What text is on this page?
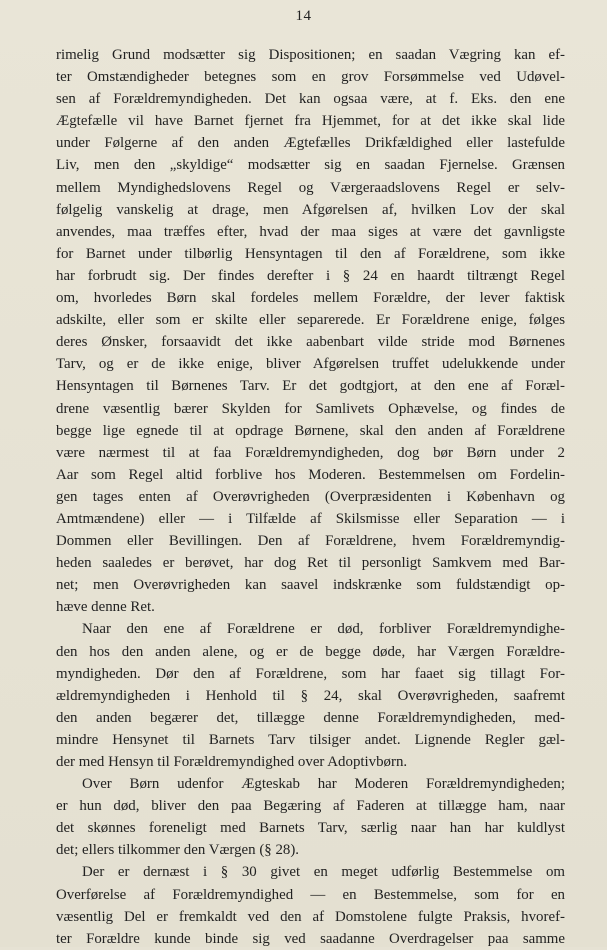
14
rimelig Grund modsætter sig Dispositionen; en saadan Vægring kan ef-
ter Omstændigheder betegnes som en grov Forsømmelse ved Udøvel-
sen af Forældremyndigheden. Det kan ogsaa være, at f. Eks. den ene
Ægtefælle vil have Barnet fjernet fra Hjemmet, for at det ikke skal lide
under Følgerne af den anden Ægtefælles Drikfældighed eller lastefulde
Liv, men den „skyldige“ modsætter sig en saadan Fjernelse. Grænsen
mellem Myndighedslovens Regel og Værgeraadslovens Regel er selv-
følgelig vanskelig at drage, men Afgørelsen af, hvilken Lov der skal
anvendes, maa træffes efter, hvad der maa siges at være det gavnligste
for Barnet under tilbørlig Hensyntagen til den af Forældrene, som ikke
har forbrudt sig. Der findes derefter i § 24 en haardt tiltrængt Regel
om, hvorledes Børn skal fordeles mellem Forældre, der lever faktisk
adskilte, eller som er skilte eller separerede. Er Forældrene enige, følges
deres Ønsker, forsaavidt det ikke aabenbart vilde stride mod Børnenes
Tarv, og er de ikke enige, bliver Afgørelsen truffet udelukkende under
Hensyntagen til Børnenes Tarv. Er det godtgjort, at den ene af Foræl-
drene væsentlig bærer Skylden for Samlivets Ophævelse, og findes de
begge lige egnede til at opdrage Børnene, skal den anden af Forældrene
være nærmest til at faa Forældremyndigheden, dog bør Børn under 2
Aar som Regel altid forblive hos Moderen. Bestemmelsen om Fordelin-
gen tages enten af Overøvrigheden (Overpræsidenten i København og
Amtmændene) eller — i Tilfælde af Skilsmisse eller Separation — i
Dommen eller Bevillingen. Den af Forældrene, hvem Forældremyndig-
heden saaledes er berøvet, har dog Ret til personligt Samkvem med Bar-
net; men Overøvrigheden kan saavel indskrænke som fuldstændigt op-
hæve denne Ret.
Naar den ene af Forældrene er død, forbliver Forældremyndighe-
den hos den anden alene, og er de begge døde, har Værgen Forældre-
myndigheden. Dør den af Forældrene, som har faaet sig tillagt For-
ældremyndigheden i Henhold til § 24, skal Overøvrigheden, saafremt
den anden begærer det, tillægge denne Forældremyndigheden, med-
mindre Hensynet til Barnets Tarv tilsiger andet. Lignende Regler gæl-
der med Hensyn til Forældremyndighed over Adoptivbørn.
Over Børn udenfor Ægteskab har Moderen Forældremyndigheden;
er hun død, bliver den paa Begæring af Faderen at tillægge ham, naar
det skønnes foreneligt med Barnets Tarv, særlig naar han har kuldlyst
det; ellers tilkommer den Værgen (§ 28).
Der er dernæst i § 30 givet en meget udførlig Bestemmelse om
Overførelse af Forældremyndighed — en Bestemmelse, som for en
væsentlig Del er fremkaldt ved den af Domstolene fulgte Praksis, hvoref-
ter Forældre kunde binde sig ved saadanne Overdragelser paa samme
